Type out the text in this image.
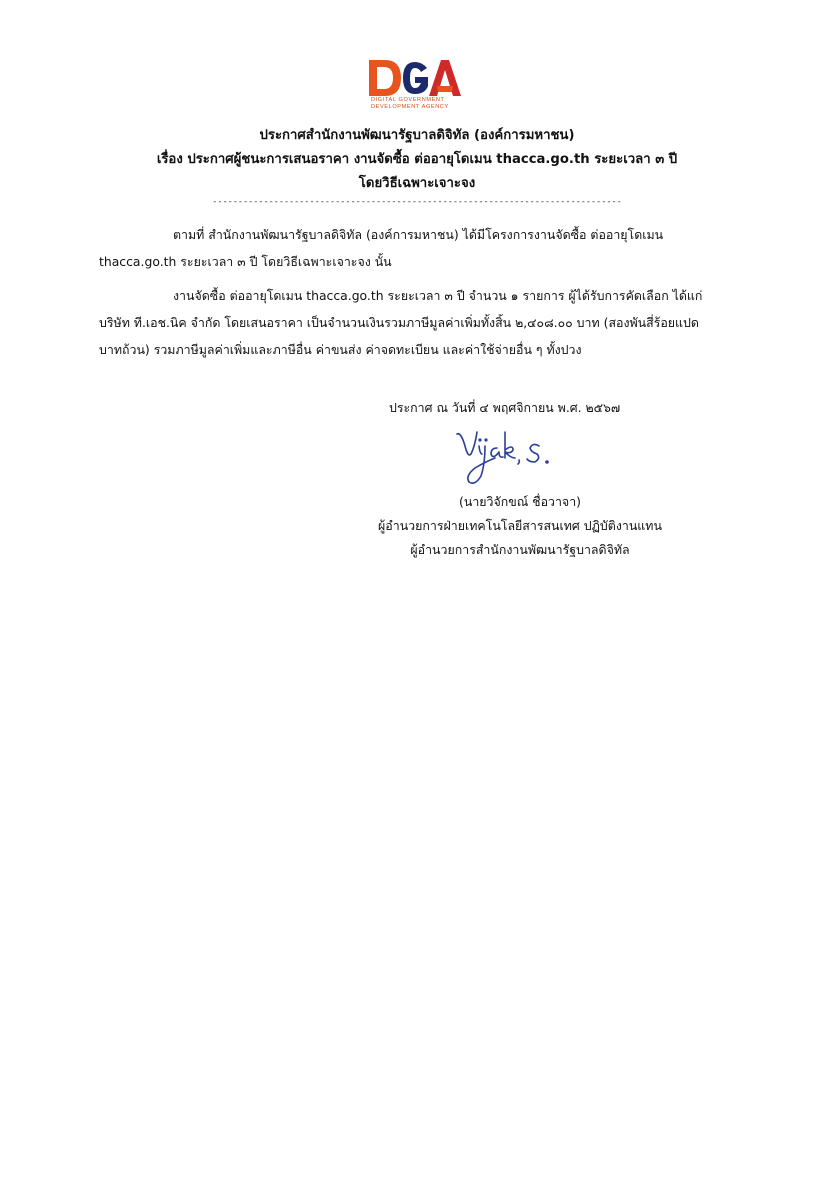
DIGITAL GOVERNMENT
DEVELOPMENT AGENCY
ประกาศสำนักงานพัฒนารัฐบาลดิจิทัล (องค์การมหาชน)
เรื่อง ประกาศผู้ชนะการเสนอราคา งานจัดซื้อ ต่ออายุโดเมน thacca.go.th ระยะเวลา ๓ ปี
โดยวิธีเฉพาะเจาะจง
--------------------------------------------------------------------------------
ตามที่ สำนักงานพัฒนารัฐบาลดิจิทัล (องค์การมหาชน) ได้มีโครงการงานจัดซื้อ ต่ออายุโดเมน
thacca.go.th ระยะเวลา ๓ ปี โดยวิธีเฉพาะเจาะจง นั้น
งานจัดซื้อ ต่ออายุโดเมน thacca.go.th ระยะเวลา ๓ ปี จำนวน ๑ รายการ ผู้ได้รับการคัดเลือก ได้แก่
บริษัท ที.เอช.นิค จำกัด โดยเสนอราคา เป็นจำนวนเงินรวมภาษีมูลค่าเพิ่มทั้งสิ้น ๒,๔๐๘.๐๐ บาท (สองพันสี่ร้อยแปด
บาทถ้วน) รวมภาษีมูลค่าเพิ่มและภาษีอื่น ค่าขนส่ง ค่าจดทะเบียน และค่าใช้จ่ายอื่น ๆ ทั้งปวง
ประกาศ ณ วันที่ ๔ พฤศจิกายน พ.ศ. ๒๕๖๗
(นายวิจักขณ์ ชื่อวาจา)
ผู้อำนวยการฝ่ายเทคโนโลยีสารสนเทศ ปฏิบัติงานแทน
ผู้อำนวยการสำนักงานพัฒนารัฐบาลดิจิทัล
